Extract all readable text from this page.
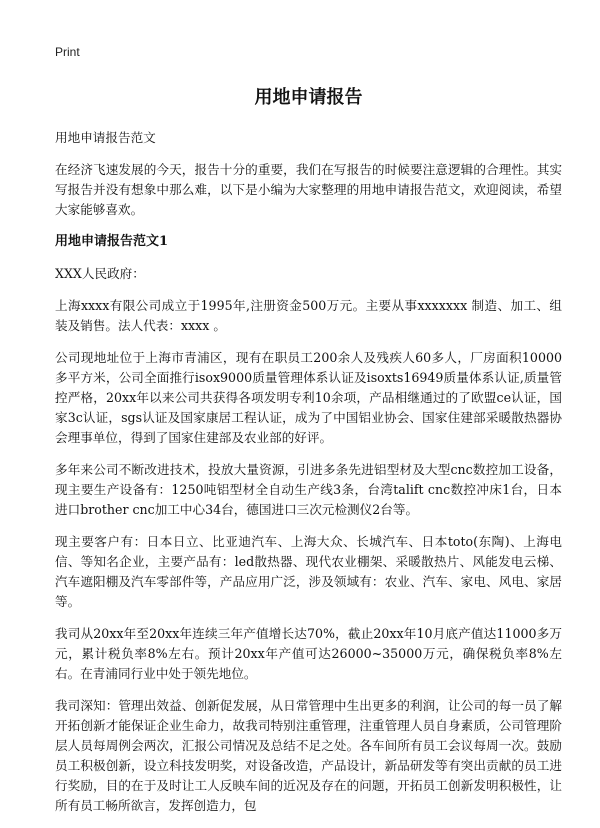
Print
用地申请报告

用地申请报告范文

在经济飞速发展的今天，报告十分的重要，我们在写报告的时候要注意逻辑的合理性。其实写报告并没有想象中那么难，以下是小编为大家整理的用地申请报告范文，欢迎阅读，希望大家能够喜欢。

用地申请报告范文1

XXX人民政府：

上海xxxx有限公司成立于1995年,注册资金500万元。主要从事xxxxxxx 制造、加工、组装及销售。法人代表：xxxx 。

公司现地址位于上海市青浦区，现有在职员工200余人及残疾人60多人，厂房面积10000多平方米，公司全面推行isox9000质量管理体系认证及isoxts16949质量体系认证,质量管控严格，20xx年以来公司共获得各项发明专利10余项，产品相继通过的了欧盟ce认证，国家3c认证，sgs认证及国家康居工程认证，成为了中国铝业协会、国家住建部采暖散热器协会理事单位，得到了国家住建部及农业部的好评。

多年来公司不断改进技术，投放大量资源，引进多条先进铝型材及大型cnc数控加工设备，现主要生产设备有：1250吨铝型材全自动生产线3条，台湾talift cnc数控冲床1台，日本进口brother cnc加工中心34台，德国进口三次元检测仪2台等。

现主要客户有：日本日立、比亚迪汽车、上海大众、长城汽车、日本toto(东陶)、上海电信、等知名企业，主要产品有：led散热器、现代农业棚架、采暖散热片、风能发电云梯、汽车遮阳棚及汽车零部件等，产品应用广泛，涉及领域有：农业、汽车、家电、风电、家居等。

我司从20xx年至20xx年连续三年产值增长达70%，截止20xx年10月底产值达11000多万元，累计税负率8%左右。预计20xx年产值可达26000~35000万元，确保税负率8%左右。在青浦同行业中处于领先地位。

我司深知：管理出效益、创新促发展，从日常管理中生出更多的利润，让公司的每一员了解开拓创新才能保证企业生命力，故我司特别注重管理，注重管理人员自身素质，公司管理阶层人员每周例会两次，汇报公司情况及总结不足之处。各车间所有员工会议每周一次。鼓励员工积极创新，设立科技发明奖，对设备改造，产品设计，新品研发等有突出贡献的员工进行奖励，目的在于及时让工人反映车间的近况及存在的问题，开拓员工创新发明积极性，让所有员工畅所欲言，发挥创造力，包
